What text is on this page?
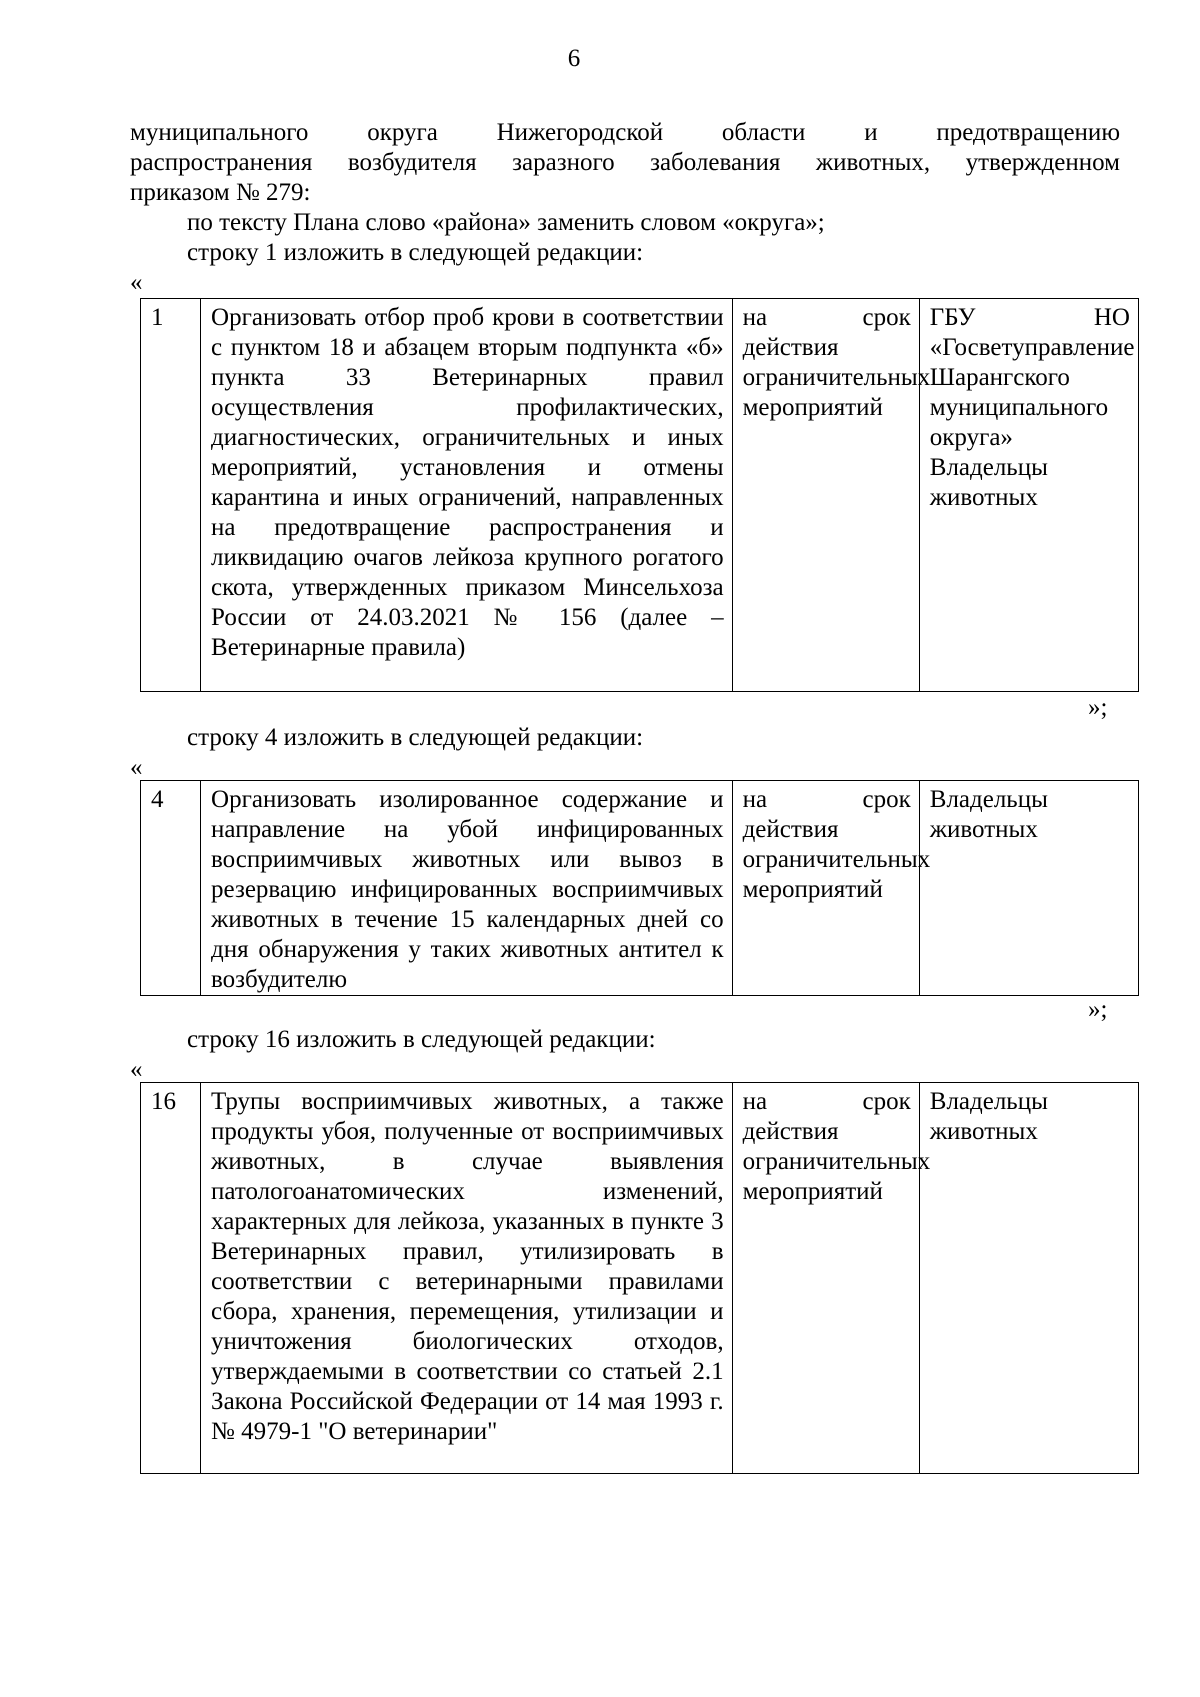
6
муниципального округа Нижегородской области и предотвращению
распространения возбудителя заразного заболевания животных, утвержденном
приказом № 279:
по тексту Плана слово «района» заменить словом «округа»;
строку 1 изложить в следующей редакции:
«
1	Организовать отбор проб крови в соответствии с пунктом 18 и абзацем вторым подпункта «б» пункта 33 Ветеринарных правил осуществления профилактических, диагностических, ограничительных и иных мероприятий, установления и отмены карантина и иных ограничений, направленных на предотвращение распространения и ликвидацию очагов лейкоза крупного рогатого скота, утвержденных приказом Минсельхоза России от 24.03.2021 № 156 (далее – Ветеринарные правила)	на срок действия ограничительных мероприятий	ГБУ НО «Госветуправление Шарангского муниципального округа» Владельцы животных
»;
строку 4 изложить в следующей редакции:
«
4	Организовать изолированное содержание и направление на убой инфицированных восприимчивых животных или вывоз в резервацию инфицированных восприимчивых животных в течение 15 календарных дней со дня обнаружения у таких животных антител к возбудителю	на срок действия ограничительных мероприятий	Владельцы животных
»;
строку 16 изложить в следующей редакции:
«
16	Трупы восприимчивых животных, а также продукты убоя, полученные от восприимчивых животных, в случае выявления патологоанатомических изменений, характерных для лейкоза, указанных в пункте 3 Ветеринарных правил, утилизировать в соответствии с ветеринарными правилами сбора, хранения, перемещения, утилизации и уничтожения биологических отходов, утверждаемыми в соответствии со статьей 2.1 Закона Российской Федерации от 14 мая 1993 г. № 4979-1 "О ветеринарии"	на срок действия ограничительных мероприятий	Владельцы животных
